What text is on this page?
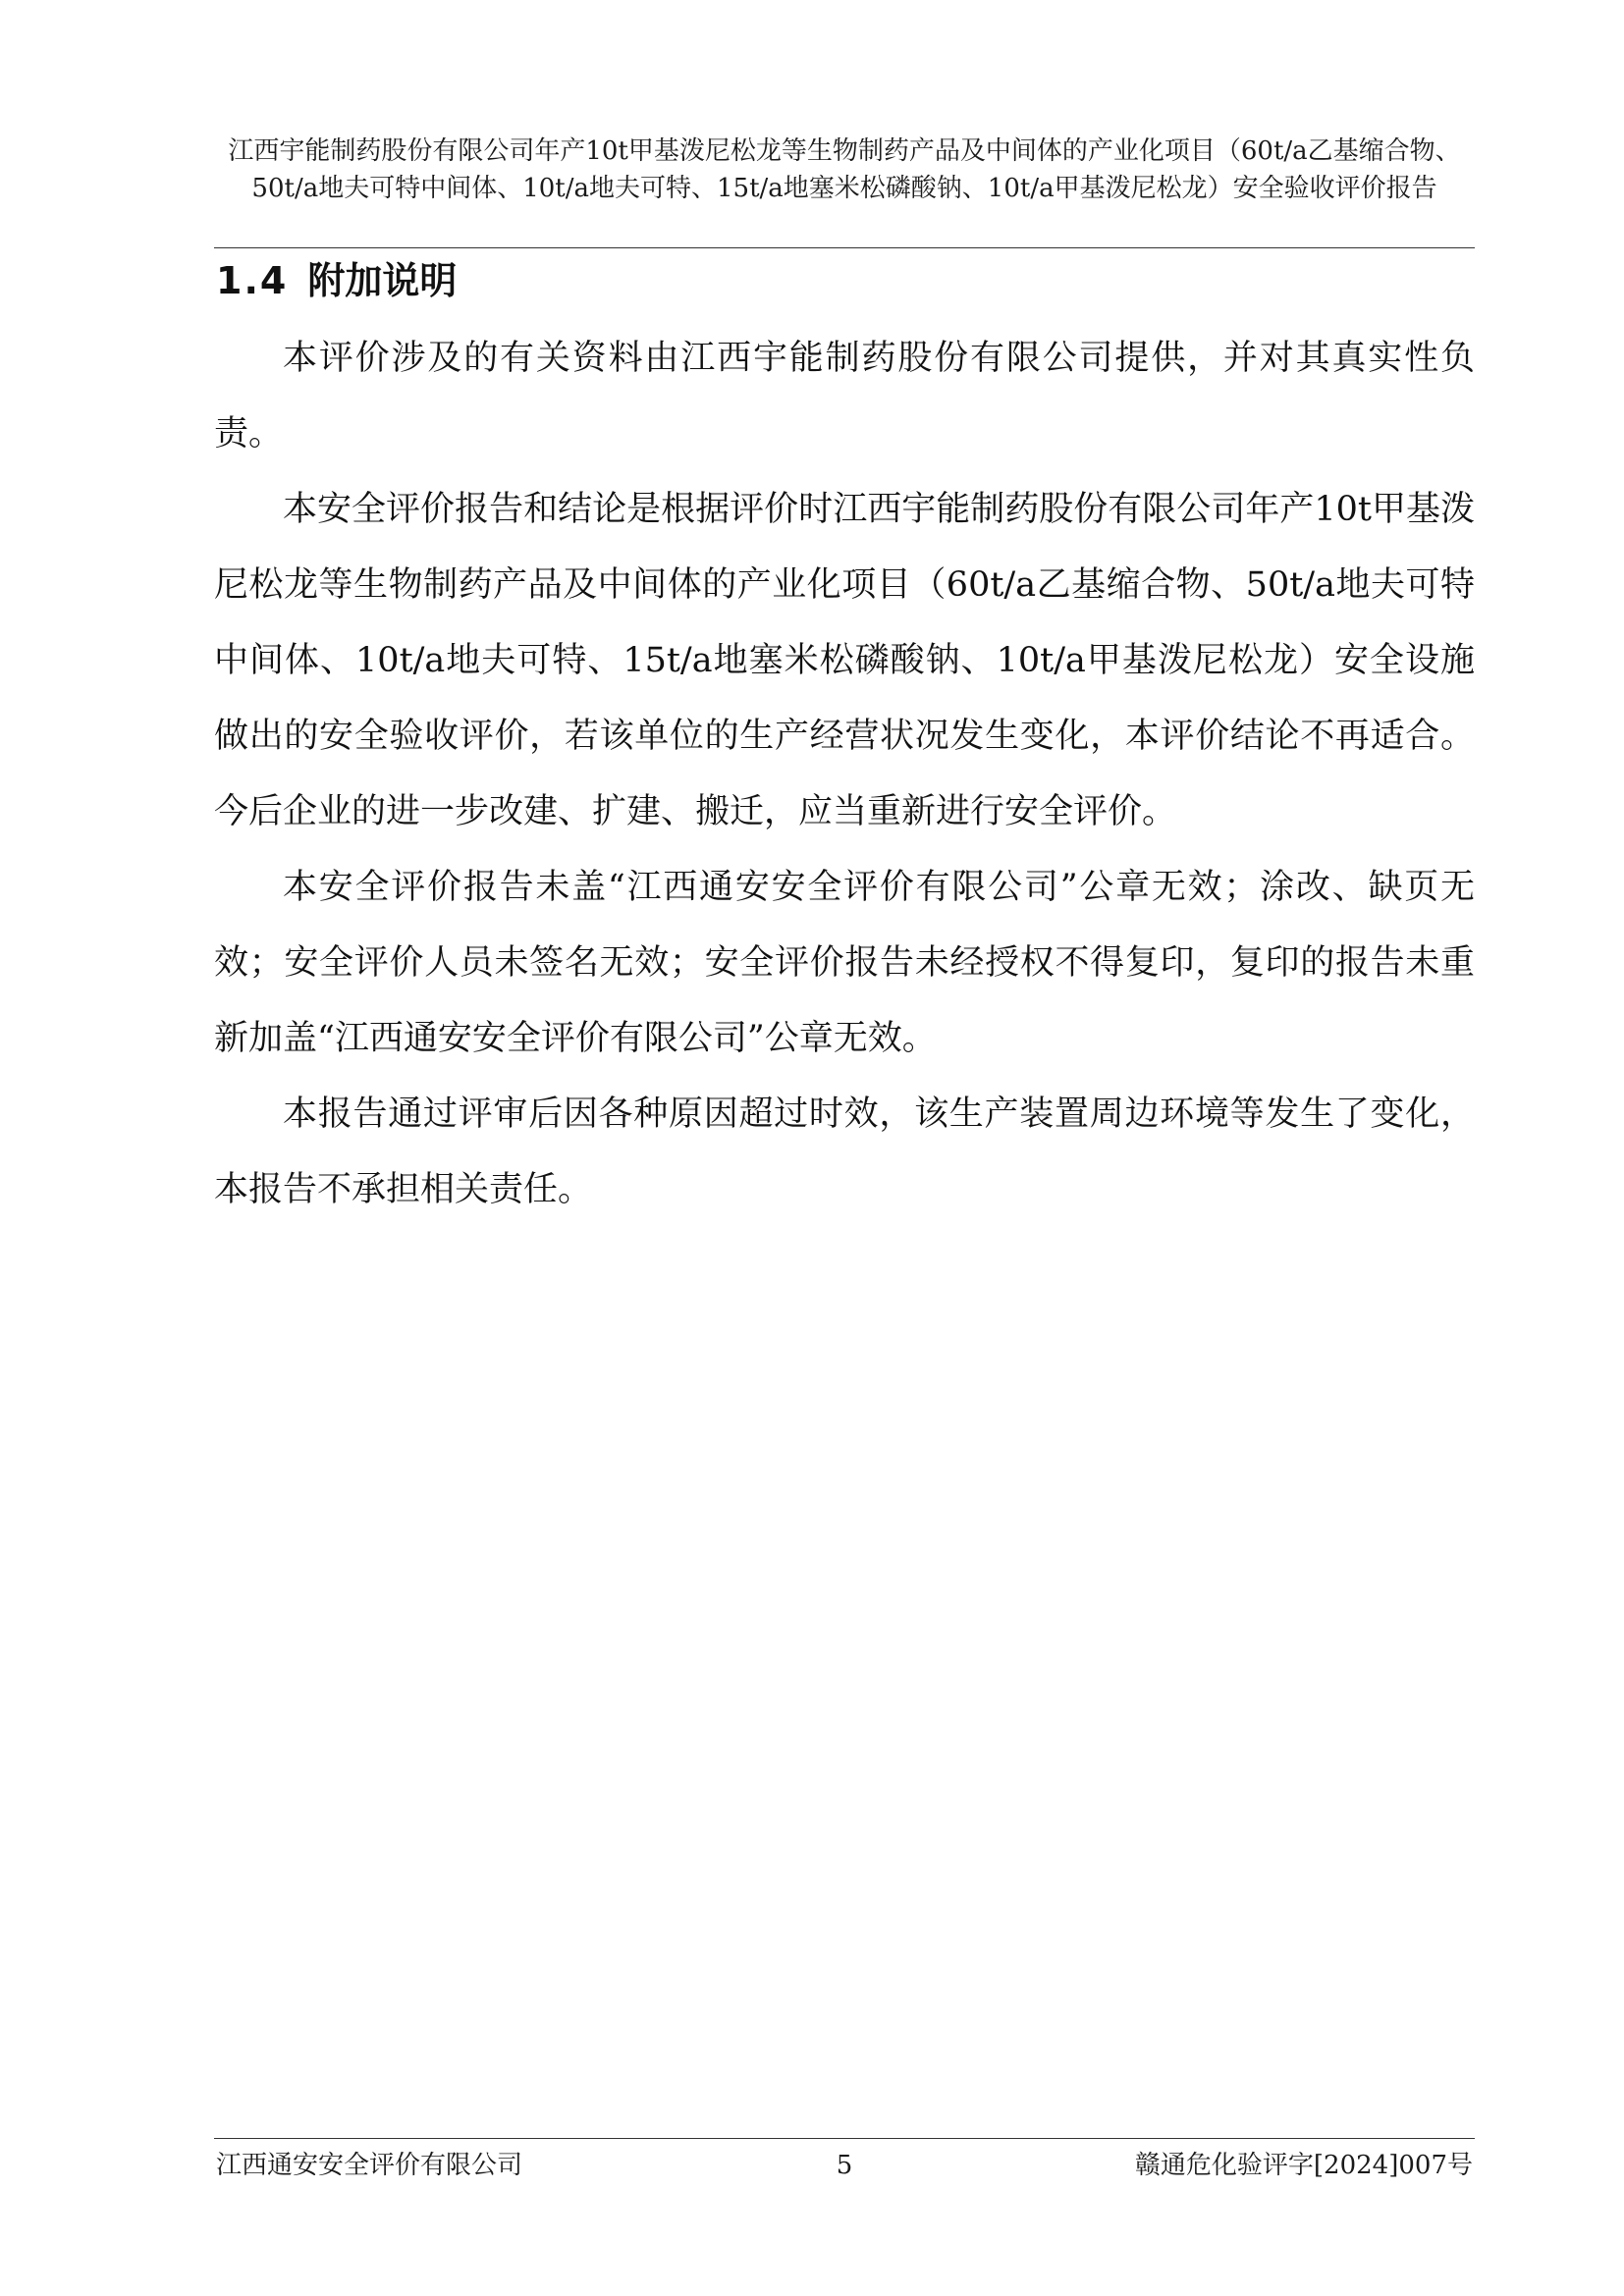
江西宇能制药股份有限公司年产10t甲基泼尼松龙等生物制药产品及中间体的产业化项目（60t/a乙基缩合物、50t/a地夫可特中间体、10t/a地夫可特、15t/a地塞米松磷酸钠、10t/a甲基泼尼松龙）安全验收评价报告
1.4 附加说明

本评价涉及的有关资料由江西宇能制药股份有限公司提供，并对其真实性负责。

本安全评价报告和结论是根据评价时江西宇能制药股份有限公司年产10t甲基泼尼松龙等生物制药产品及中间体的产业化项目（60t/a乙基缩合物、50t/a地夫可特中间体、10t/a地夫可特、15t/a地塞米松磷酸钠、10t/a甲基泼尼松龙）安全设施做出的安全验收评价，若该单位的生产经营状况发生变化，本评价结论不再适合。今后企业的进一步改建、扩建、搬迁，应当重新进行安全评价。

本安全评价报告未盖“江西通安安全评价有限公司”公章无效；涂改、缺页无效；安全评价人员未签名无效；安全评价报告未经授权不得复印，复印的报告未重新加盖“江西通安安全评价有限公司”公章无效。

本报告通过评审后因各种原因超过时效，该生产装置周边环境等发生了变化，本报告不承担相关责任。

江西通安安全评价有限公司	5	赣通危化验评字[2024]007号
